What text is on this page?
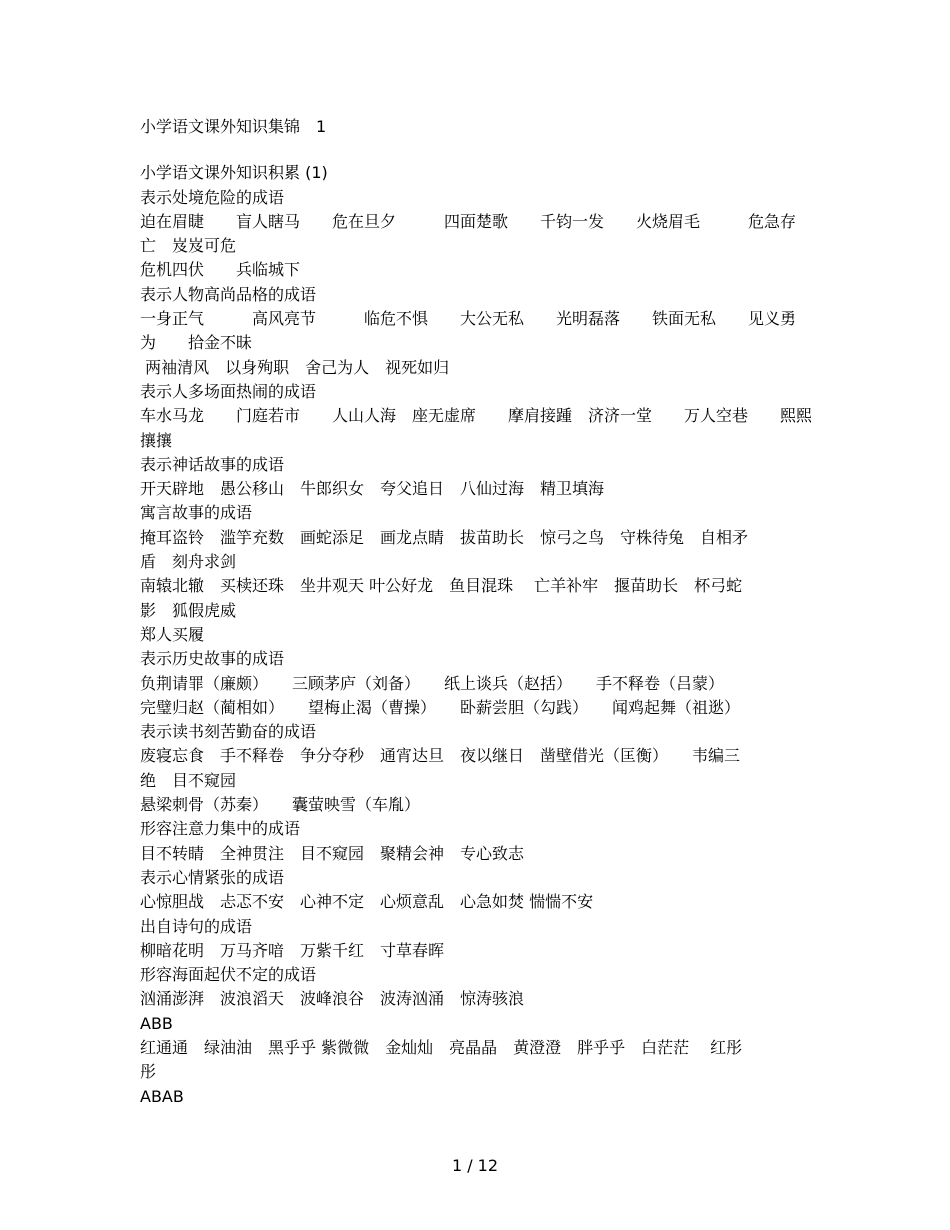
小学语文课外知识集锦　1
小学语文课外知识积累 (1)
表示处境危险的成语
迫在眉睫　　盲人瞎马　　危在旦夕　　　四面楚歌　　千钧一发　　火烧眉毛　　　危急存
亡　岌岌可危
危机四伏　　兵临城下
表示人物高尚品格的成语
一身正气　　　高风亮节　　　临危不惧　　大公无私　　光明磊落　　铁面无私　　见义勇
为　　拾金不昧
两袖清风　以身殉职　舍己为人　视死如归
表示人多场面热闹的成语
车水马龙　　门庭若市　　人山人海　座无虚席　　摩肩接踵　济济一堂　　万人空巷　　熙熙
攘攘
表示神话故事的成语
开天辟地　愚公移山　牛郎织女　夸父追日　八仙过海　精卫填海
寓言故事的成语
掩耳盗铃　滥竽充数　画蛇添足　画龙点睛　拔苗助长　惊弓之鸟　守株待兔　自相矛
盾　刻舟求剑
南辕北辙　买椟还珠　坐井观天 叶公好龙　鱼目混珠　 亡羊补牢　揠苗助长　杯弓蛇
影　狐假虎威
郑人买履
表示历史故事的成语
负荆请罪（廉颇）　　三顾茅庐（刘备）　　纸上谈兵（赵括）　　手不释卷（吕蒙）
完璧归赵（蔺相如）　　望梅止渴（曹操）　　卧薪尝胆（勾践）　　闻鸡起舞（祖逖）
表示读书刻苦勤奋的成语
废寝忘食　手不释卷　争分夺秒　通宵达旦　夜以继日　凿壁借光（匡衡）　　韦编三
绝　目不窥园
悬梁刺骨（苏秦）　　囊萤映雪（车胤）
形容注意力集中的成语
目不转睛　全神贯注　目不窥园　聚精会神　专心致志
表示心情紧张的成语
心惊胆战　忐忑不安　心神不定　心烦意乱　心急如焚 惴惴不安
出自诗句的成语
柳暗花明　万马齐喑　万紫千红　寸草春晖
形容海面起伏不定的成语
汹涌澎湃　波浪滔天　波峰浪谷　波涛汹涌　惊涛骇浪
ABB
红通通　绿油油　黑乎乎 紫微微　金灿灿　亮晶晶　黄澄澄　胖乎乎　白茫茫　 红彤
彤
ABAB
1 / 12
